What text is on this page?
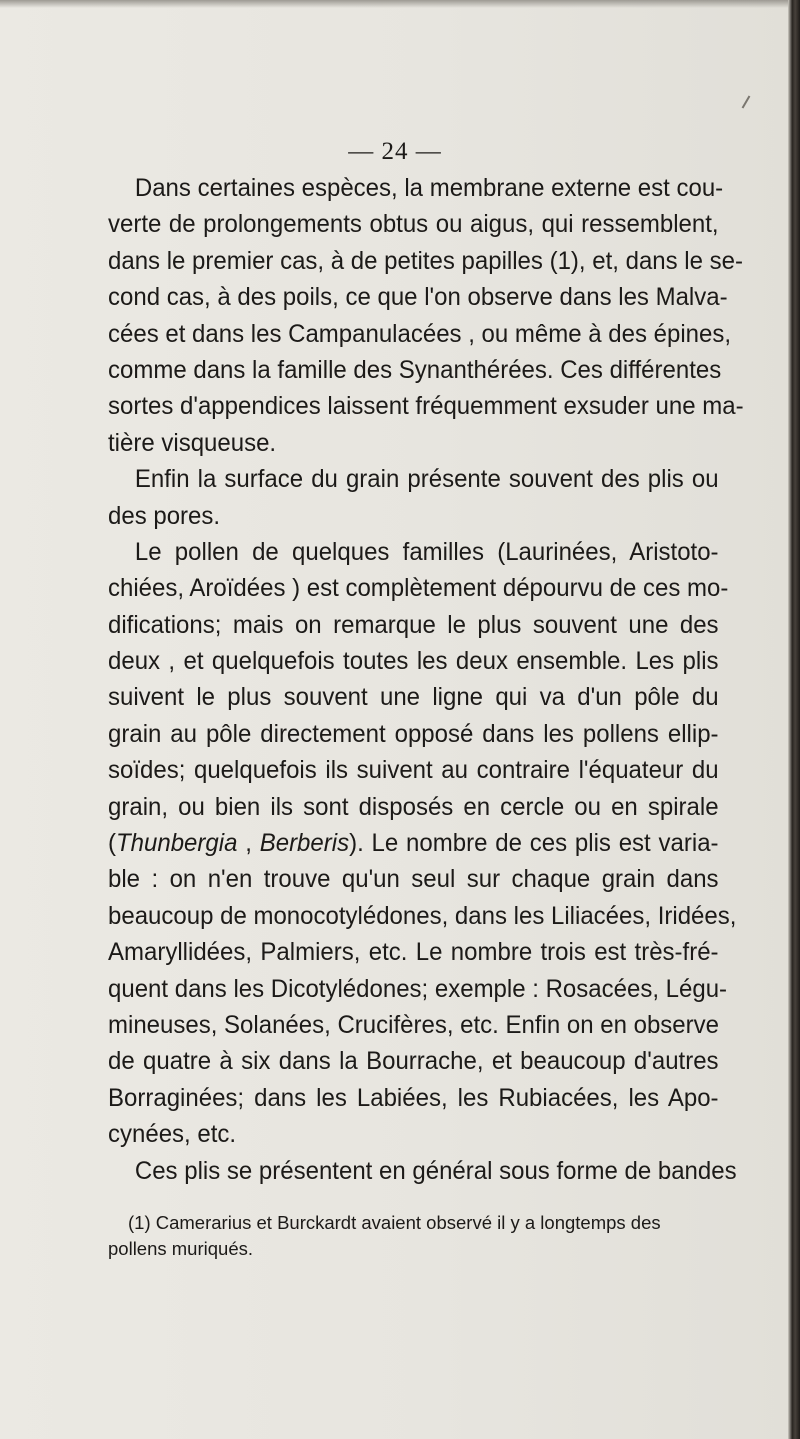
— 24 —
Dans certaines espèces, la membrane externe est cou-
verte de prolongements obtus ou aigus, qui ressemblent,
dans le premier cas, à de petites papilles (1), et, dans le se-
cond cas, à des poils, ce que l'on observe dans les Malva-
cées et dans les Campanulacées , ou même à des épines,
comme dans la famille des Synanthérées. Ces différentes
sortes d'appendices laissent fréquemment exsuder une ma-
tière visqueuse.
Enfin la surface du grain présente souvent des plis ou
des pores.
Le pollen de quelques familles (Laurinées, Aristoto-
chiées, Aroïdées ) est complètement dépourvu de ces mo-
difications; mais on remarque le plus souvent une des
deux , et quelquefois toutes les deux ensemble. Les plis
suivent le plus souvent une ligne qui va d'un pôle du
grain au pôle directement opposé dans les pollens ellip-
soïdes; quelquefois ils suivent au contraire l'équateur du
grain, ou bien ils sont disposés en cercle ou en spirale
(Thunbergia , Berberis). Le nombre de ces plis est varia-
ble : on n'en trouve qu'un seul sur chaque grain dans
beaucoup de monocotylédones, dans les Liliacées, Iridées,
Amaryllidées, Palmiers, etc. Le nombre trois est très-fré-
quent dans les Dicotylédones; exemple : Rosacées, Légu-
mineuses, Solanées, Crucifères, etc. Enfin on en observe
de quatre à six dans la Bourrache, et beaucoup d'autres
Borraginées; dans les Labiées, les Rubiacées, les Apo-
cynées, etc.
Ces plis se présentent en général sous forme de bandes
(1) Camerarius et Burckardt avaient observé il y a longtemps des
pollens muriqués.
